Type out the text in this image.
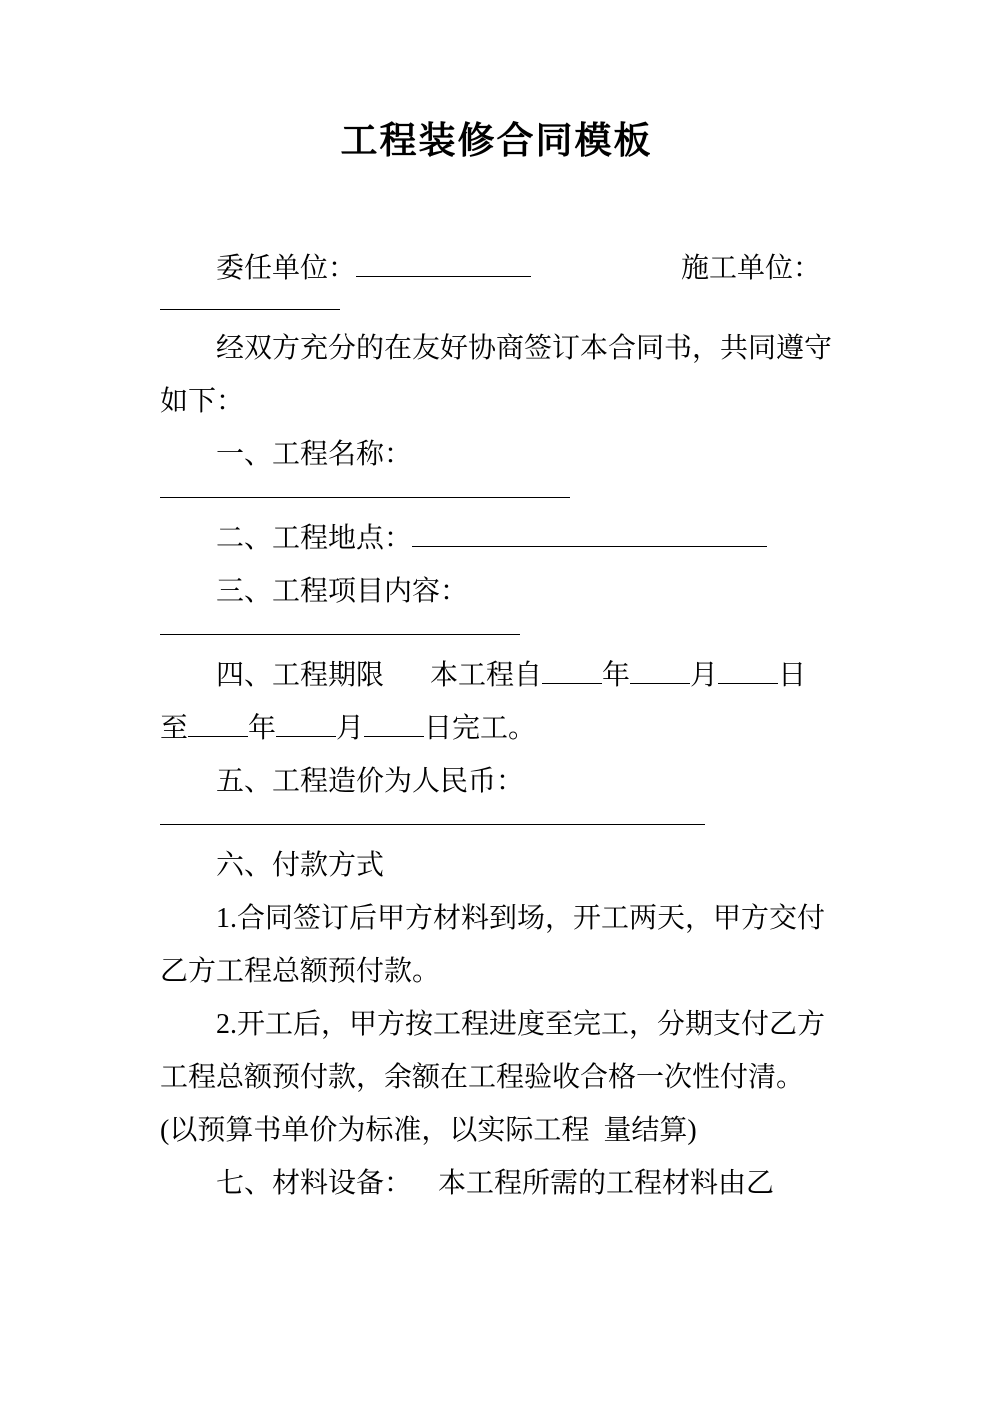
工程装修合同模板

委任单位：	施工单位：

经双方充分的在友好协商签订本合同书，共同遵守如下：

一、工程名称：

二、工程地点：

三、工程项目内容：

四、工程期限 本工程自 年 月 日至 年 月 日完工。

五、工程造价为人民币：

六、付款方式

1.合同签订后甲方材料到场，开工两天，甲方交付乙方工程总额预付款。

2.开工后，甲方按工程进度至完工，分期支付乙方工程总额预付款，余额在工程验收合格一次性付清。(以预算书单价为标准，以实际工程  量结算)

七、材料设备： 本工程所需的工程材料由乙
